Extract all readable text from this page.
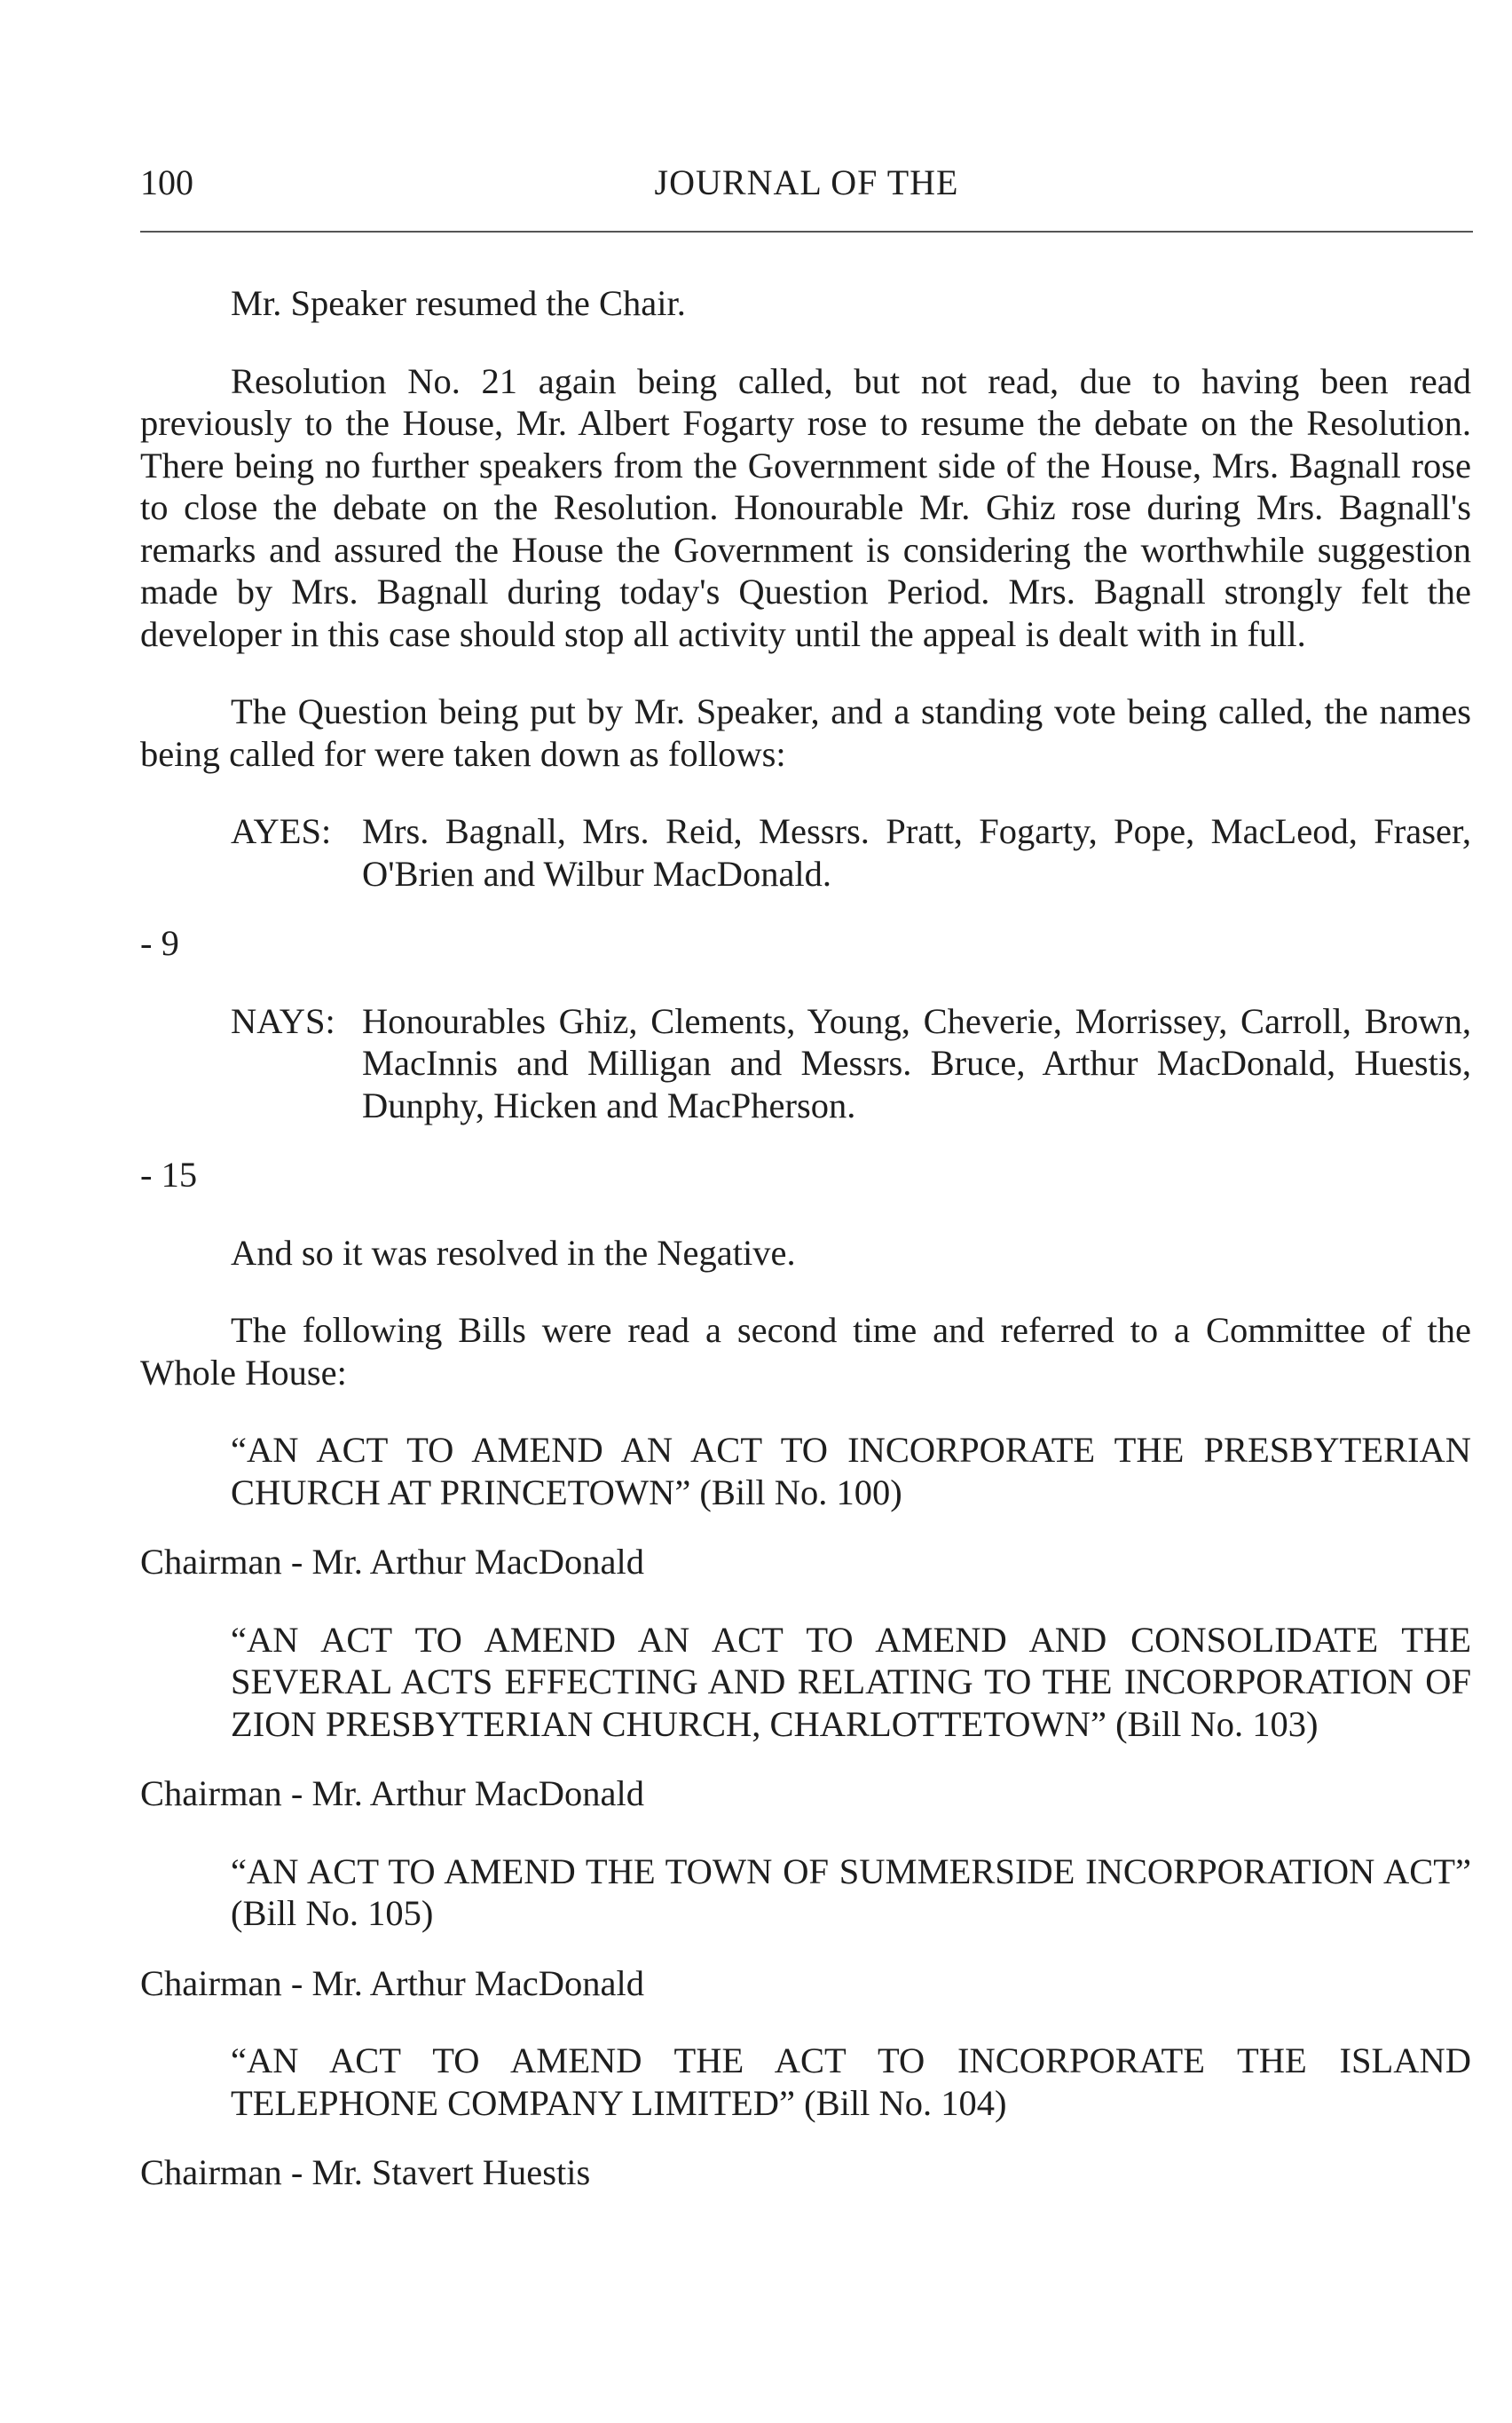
100	JOURNAL OF THE

Mr. Speaker resumed the Chair.

Resolution No. 21 again being called, but not read, due to having been read previously to the House, Mr. Albert Fogarty rose to resume the debate on the Resolution. There being no further speakers from the Government side of the House, Mrs. Bagnall rose to close the debate on the Resolution. Honourable Mr. Ghiz rose during Mrs. Bagnall's remarks and assured the House the Government is considering the worthwhile suggestion made by Mrs. Bagnall during today's Question Period. Mrs. Bagnall strongly felt the developer in this case should stop all activity until the appeal is dealt with in full.

The Question being put by Mr. Speaker, and a standing vote being called, the names being called for were taken down as follows:

AYES: Mrs. Bagnall, Mrs. Reid, Messrs. Pratt, Fogarty, Pope, MacLeod, Fraser, O'Brien and Wilbur MacDonald.

- 9

NAYS: Honourables Ghiz, Clements, Young, Cheverie, Morrissey, Carroll, Brown, MacInnis and Milligan and Messrs. Bruce, Arthur MacDonald, Huestis, Dunphy, Hicken and MacPherson.

- 15

And so it was resolved in the Negative.

The following Bills were read a second time and referred to a Committee of the Whole House:

“AN ACT TO AMEND AN ACT TO INCORPORATE THE PRESBYTERIAN CHURCH AT PRINCETOWN” (Bill No. 100)

Chairman - Mr. Arthur MacDonald

“AN ACT TO AMEND AN ACT TO AMEND AND CONSOLIDATE THE SEVERAL ACTS EFFECTING AND RELATING TO THE INCORPORATION OF ZION PRESBYTERIAN CHURCH, CHARLOTTETOWN” (Bill No. 103)

Chairman - Mr. Arthur MacDonald

“AN ACT TO AMEND THE TOWN OF SUMMERSIDE INCORPORATION ACT” (Bill No. 105)

Chairman - Mr. Arthur MacDonald

“AN ACT TO AMEND THE ACT TO INCORPORATE THE ISLAND TELEPHONE COMPANY LIMITED” (Bill No. 104)

Chairman - Mr. Stavert Huestis
